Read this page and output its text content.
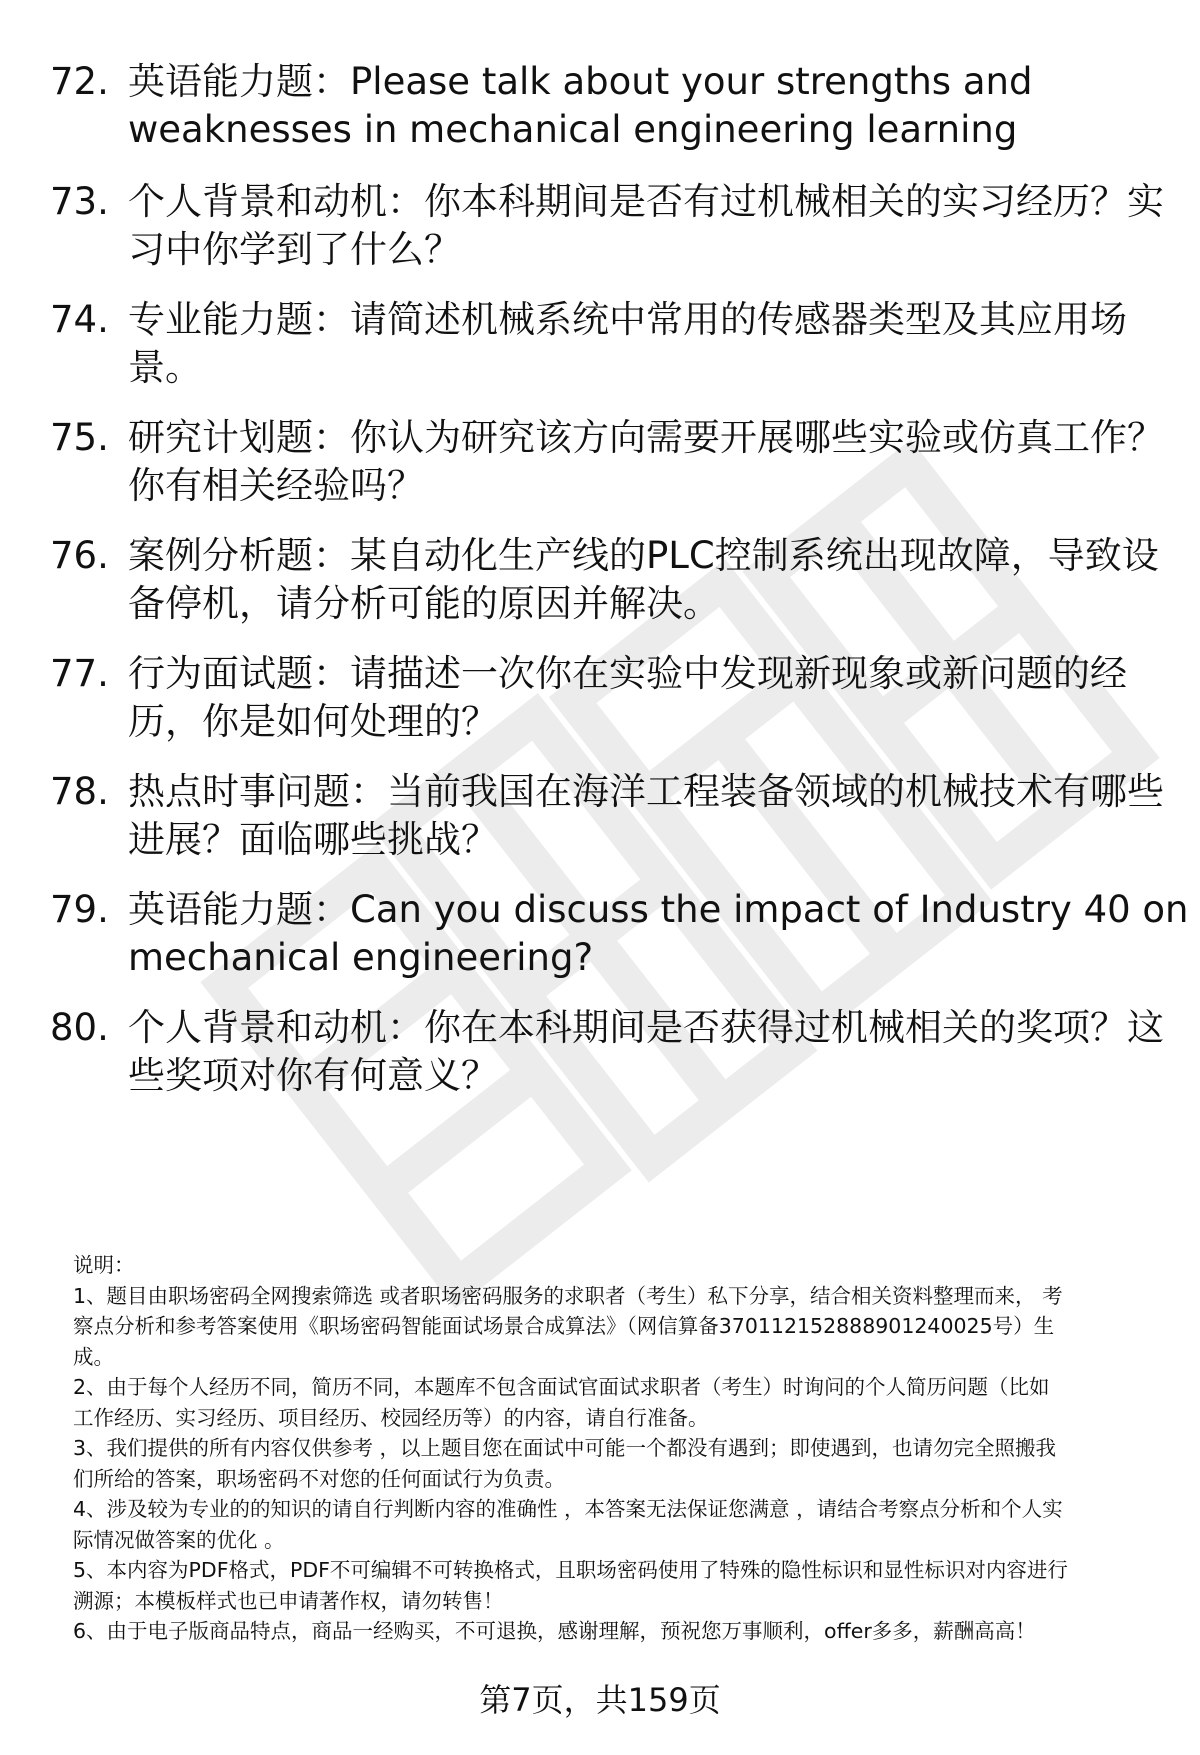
72. 英语能力题：Please talk about your strengths and
weaknesses in mechanical engineering learning
73. 个人背景和动机：你本科期间是否有过机械相关的实习经历？实
习中你学到了什么？
74. 专业能力题：请简述机械系统中常用的传感器类型及其应用场
景。
75. 研究计划题：你认为研究该方向需要开展哪些实验或仿真工作？
你有相关经验吗？
76. 案例分析题：某自动化生产线的PLC控制系统出现故障，导致设
备停机，请分析可能的原因并解决。
77. 行为面试题：请描述一次你在实验中发现新现象或新问题的经
历，你是如何处理的？
78. 热点时事问题：当前我国在海洋工程装备领域的机械技术有哪些
进展？面临哪些挑战？
79. 英语能力题：Can you discuss the impact of Industry 40 on
mechanical engineering?
80. 个人背景和动机：你在本科期间是否获得过机械相关的奖项？这
些奖项对你有何意义？
说明：
1、题目由职场密码全网搜索筛选 或者职场密码服务的求职者（考生）私下分享，结合相关资料整理而来， 考
察点分析和参考答案使用《职场密码智能面试场景合成算法》（网信算备370112152888901240025号）生
成。
2、由于每个人经历不同，简历不同，本题库不包含面试官面试求职者（考生）时询问的个人简历问题（比如
工作经历、实习经历、项目经历、校园经历等）的内容，请自行准备。
3、我们提供的所有内容仅供参考 ，以上题目您在面试中可能一个都没有遇到；即使遇到，也请勿完全照搬我
们所给的答案，职场密码不对您的任何面试行为负责。
4、涉及较为专业的的知识的请自行判断内容的准确性 ，本答案无法保证您满意 ，请结合考察点分析和个人实
际情况做答案的优化 。
5、本内容为PDF格式，PDF不可编辑不可转换格式，且职场密码使用了特殊的隐性标识和显性标识对内容进行
溯源；本模板样式也已申请著作权，请勿转售！
6、由于电子版商品特点，商品一经购买，不可退换，感谢理解，预祝您万事顺利，offer多多，薪酬高高！
第7页，共159页
